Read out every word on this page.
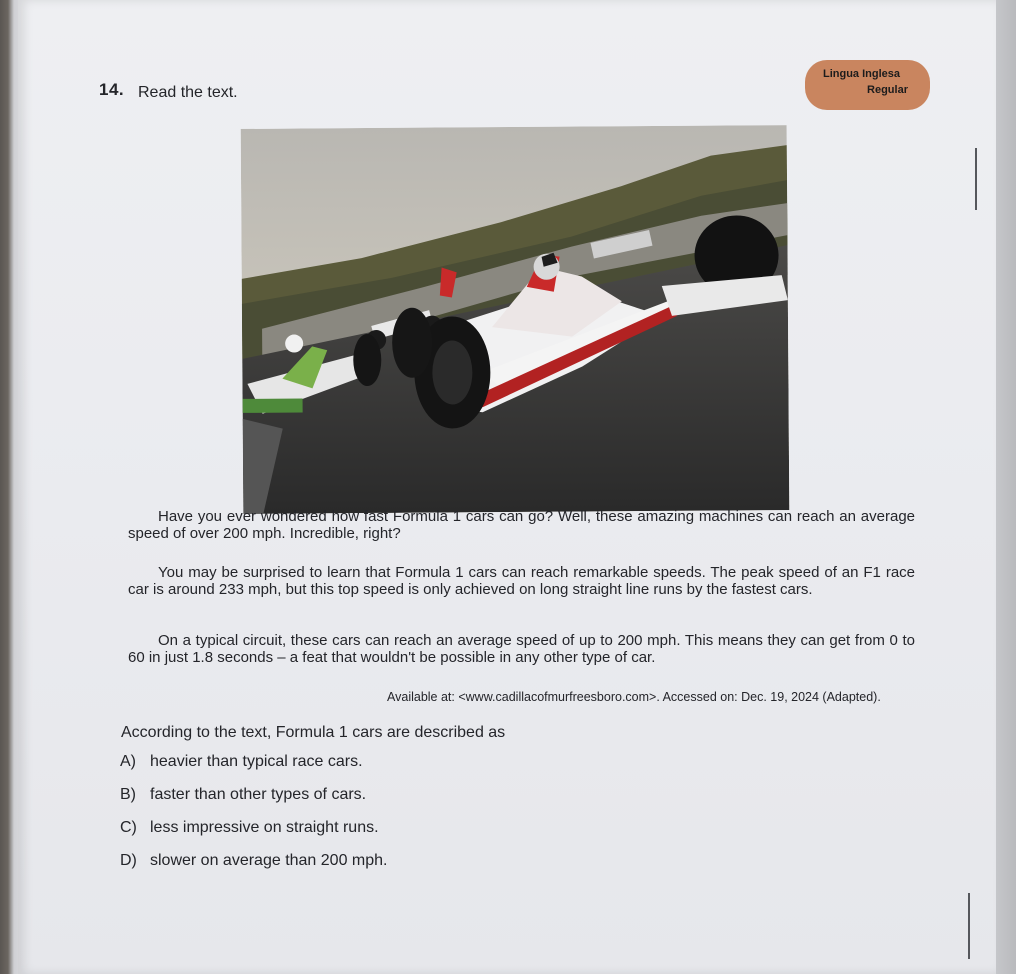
14. Read the text.
Lingua Inglesa
Regular
Have you ever wondered how fast Formula 1 cars can go? Well, these amazing machines can reach an average speed of over 200 mph. Incredible, right?
You may be surprised to learn that Formula 1 cars can reach remarkable speeds. The peak speed of an F1 race car is around 233 mph, but this top speed is only achieved on long straight line runs by the fastest cars.
On a typical circuit, these cars can reach an average speed of up to 200 mph. This means they can get from 0 to 60 in just 1.8 seconds – a feat that wouldn't be possible in any other type of car.
Available at: <www.cadillacofmurfreesboro.com>. Accessed on: Dec. 19, 2024 (Adapted).
According to the text, Formula 1 cars are described as
A) heavier than typical race cars.
B) faster than other types of cars.
C) less impressive on straight runs.
D) slower on average than 200 mph.
